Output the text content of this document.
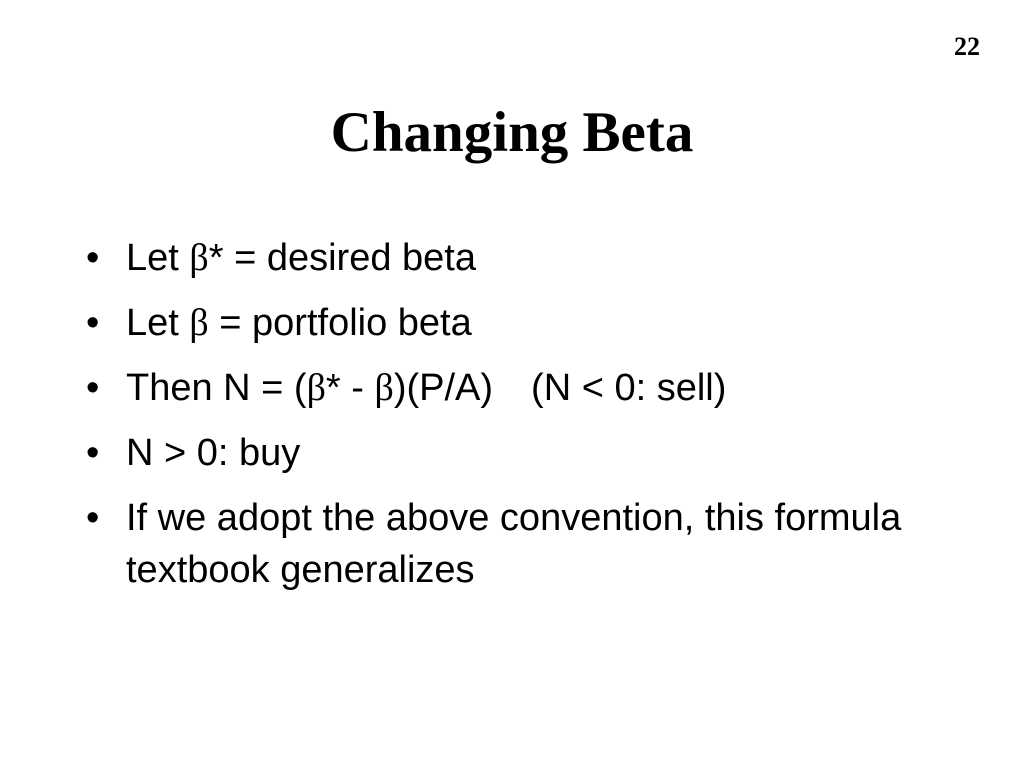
22
Changing Beta
• Let β* = desired beta
• Let β = portfolio beta
• Then N = (β* - β)(P/A) (N < 0: sell)
• N > 0: buy
• If we adopt the above convention, this formula textbook generalizes
